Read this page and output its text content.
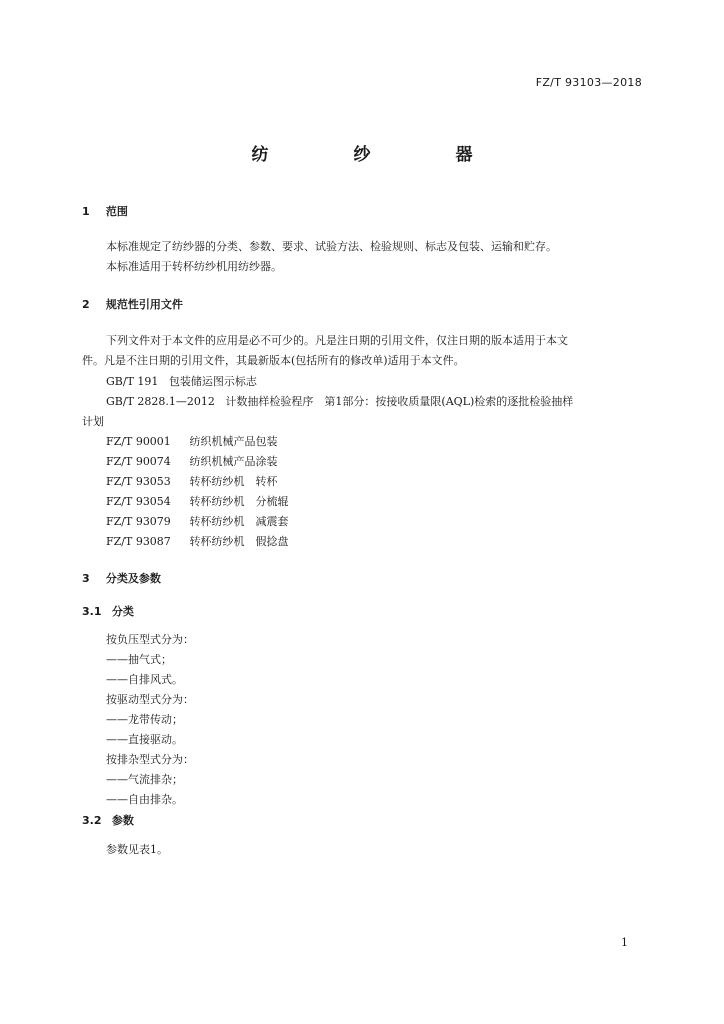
FZ/T 93103—2018
纺　纱　器
1 范围
本标准规定了纺纱器的分类、参数、要求、试验方法、检验规则、标志及包装、运输和贮存。
本标准适用于转杯纺纱机用纺纱器。
2 规范性引用文件
下列文件对于本文件的应用是必不可少的。凡是注日期的引用文件，仅注日期的版本适用于本文
件。凡是不注日期的引用文件，其最新版本(包括所有的修改单)适用于本文件。
GB/T 191 包装储运图示标志
GB/T 2828.1—2012 计数抽样检验程序　第1部分：按接收质量限(AQL)检索的逐批检验抽样
计划
FZ/T 90001 纺织机械产品包装
FZ/T 90074 纺织机械产品涂装
FZ/T 93053 转杯纺纱机　转杯
FZ/T 93054 转杯纺纱机　分梳辊
FZ/T 93079 转杯纺纱机　减震套
FZ/T 93087 转杯纺纱机　假捻盘
3 分类及参数
3.1 分类
按负压型式分为：
——抽气式；
——自排风式。
按驱动型式分为：
——龙带传动；
——直接驱动。
按排杂型式分为：
——气流排杂；
——自由排杂。
3.2 参数
参数见表1。
1
